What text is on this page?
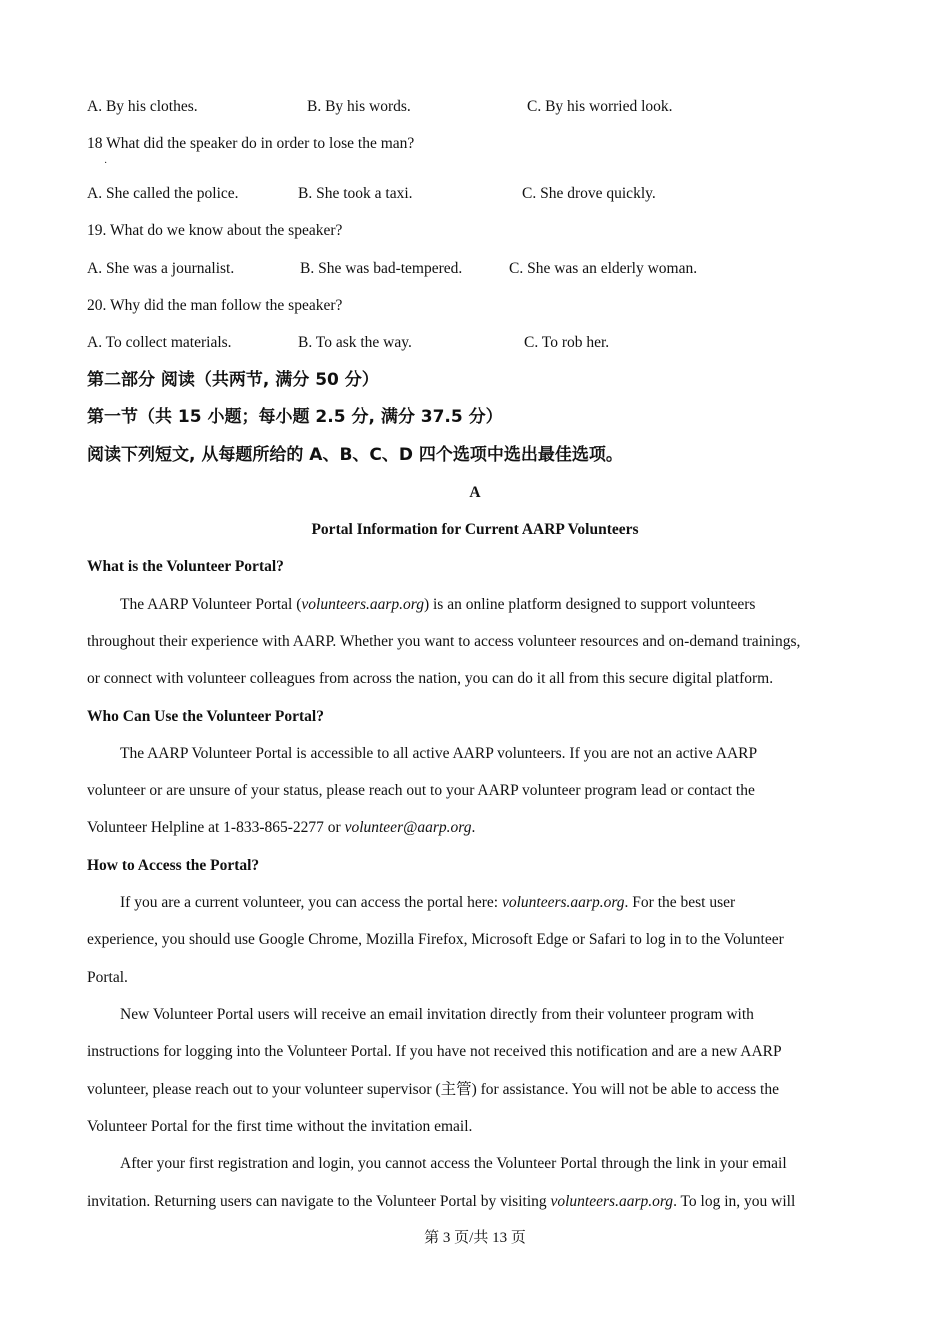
A. By his clothes.	B. By his words.	C. By his worried look.
18 What did the speaker do in order to lose the man?
·
A. She called the police.	B. She took a taxi.	C. She drove quickly.
19. What do we know about the speaker?
A. She was a journalist.	B. She was bad-tempered.	C. She was an elderly woman.
20. Why did the man follow the speaker?
A. To collect materials.	B. To ask the way.	C. To rob her.
第二部分 阅读（共两节, 满分 50 分）
第一节（共 15 小题；每小题 2.5 分, 满分 37.5 分）
阅读下列短文, 从每题所给的 A、B、C、D 四个选项中选出最佳选项。
A
Portal Information for Current AARP Volunteers
What is the Volunteer Portal?
The AARP Volunteer Portal (volunteers.aarp.org) is an online platform designed to support volunteers
throughout their experience with AARP. Whether you want to access volunteer resources and on-demand trainings,
or connect with volunteer colleagues from across the nation, you can do it all from this secure digital platform.
Who Can Use the Volunteer Portal?
The AARP Volunteer Portal is accessible to all active AARP volunteers. If you are not an active AARP
volunteer or are unsure of your status, please reach out to your AARP volunteer program lead or contact the
Volunteer Helpline at 1-833-865-2277 or volunteer@aarp.org.
How to Access the Portal?
If you are a current volunteer, you can access the portal here: volunteers.aarp.org. For the best user
experience, you should use Google Chrome, Mozilla Firefox, Microsoft Edge or Safari to log in to the Volunteer
Portal.
New Volunteer Portal users will receive an email invitation directly from their volunteer program with
instructions for logging into the Volunteer Portal. If you have not received this notification and are a new AARP
volunteer, please reach out to your volunteer supervisor (主管) for assistance. You will not be able to access the
Volunteer Portal for the first time without the invitation email.
After your first registration and login, you cannot access the Volunteer Portal through the link in your email
invitation. Returning users can navigate to the Volunteer Portal by visiting volunteers.aarp.org. To log in, you will
第 3 页/共 13 页
